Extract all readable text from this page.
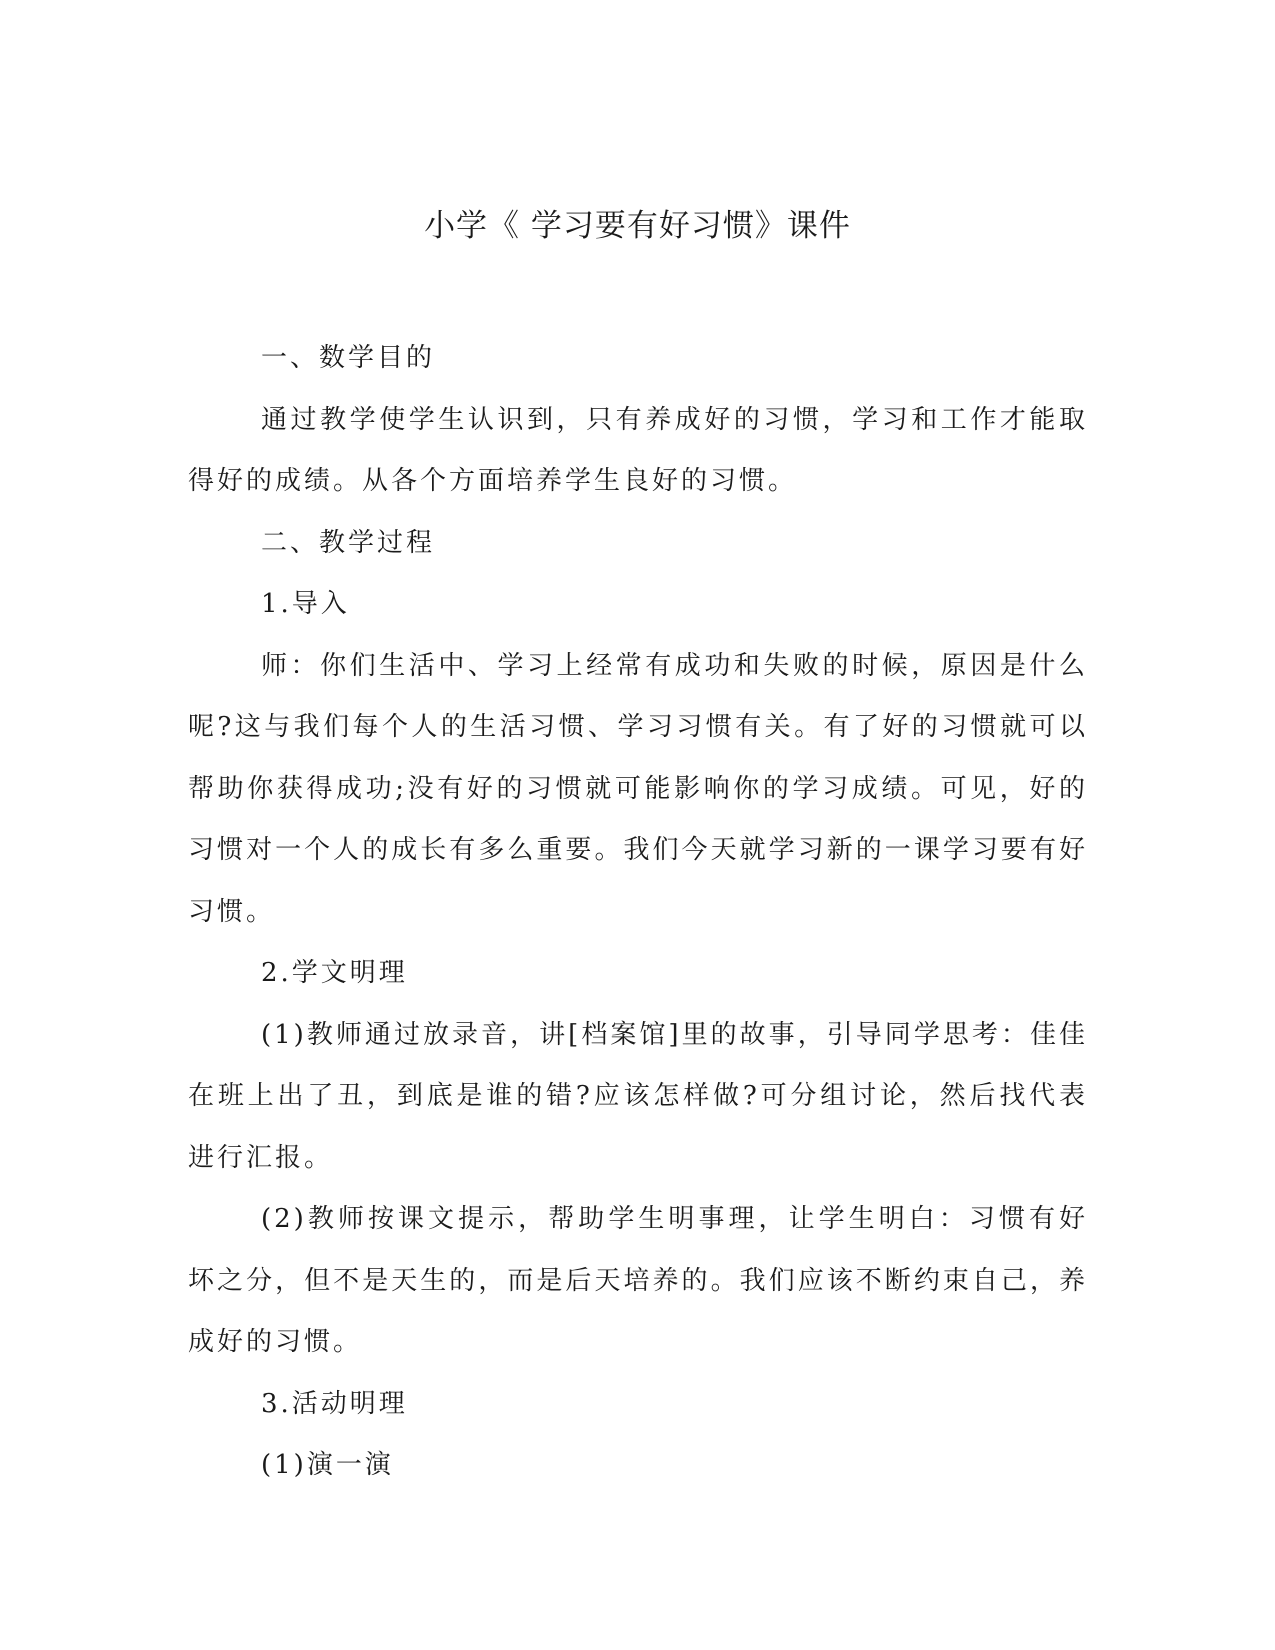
小学《 学习要有好习惯》课件

一、数学目的

通过教学使学生认识到，只有养成好的习惯，学习和工作才能取得好的成绩。从各个方面培养学生良好的习惯。

二、教学过程

1.导入

师：你们生活中、学习上经常有成功和失败的时候，原因是什么呢?这与我们每个人的生活习惯、学习习惯有关。有了好的习惯就可以帮助你获得成功;没有好的习惯就可能影响你的学习成绩。可见，好的习惯对一个人的成长有多么重要。我们今天就学习新的一课学习要有好习惯。

2.学文明理

(1)教师通过放录音，讲[档案馆]里的故事，引导同学思考：佳佳在班上出了丑，到底是谁的错?应该怎样做?可分组讨论，然后找代表进行汇报。

(2)教师按课文提示，帮助学生明事理，让学生明白：习惯有好坏之分，但不是天生的，而是后天培养的。我们应该不断约束自己，养成好的习惯。

3.活动明理

(1)演一演
